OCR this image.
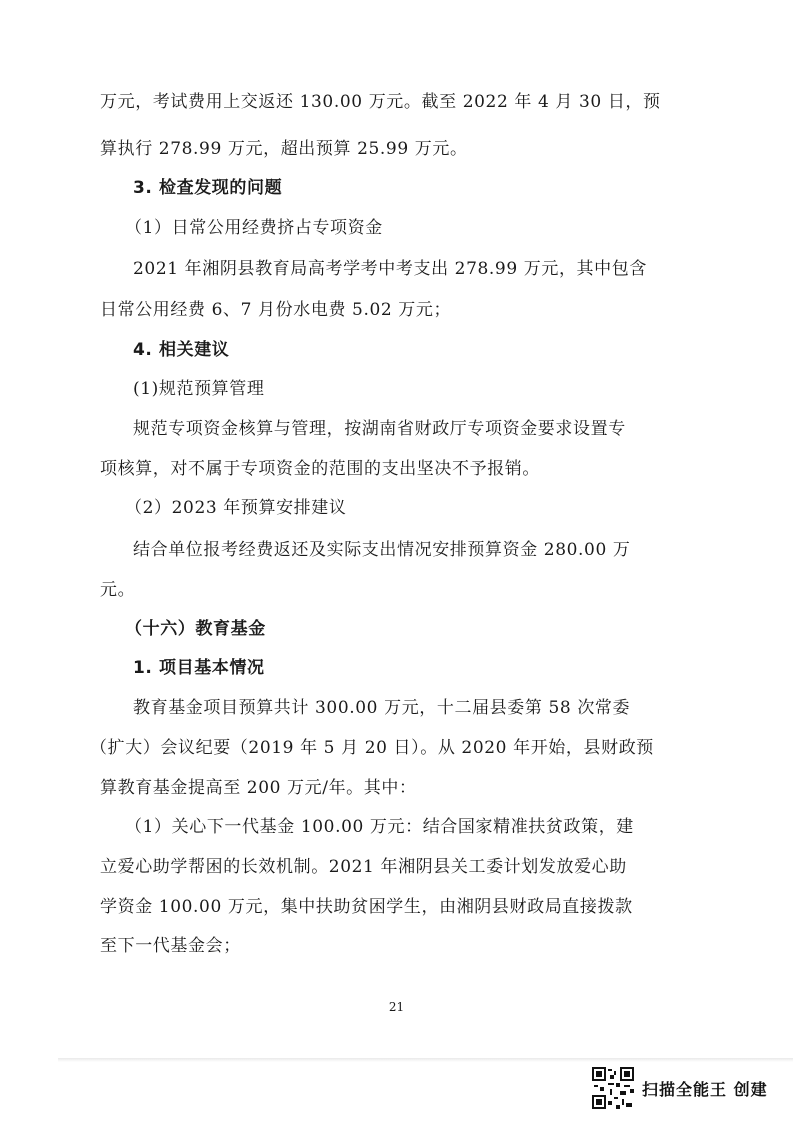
万元，考试费用上交返还 130.00 万元。截至 2022 年 4 月 30 日，预
算执行 278.99 万元，超出预算 25.99 万元。
3. 检查发现的问题
（1）日常公用经费挤占专项资金
2021 年湘阴县教育局高考学考中考支出 278.99 万元，其中包含
日常公用经费 6、7 月份水电费 5.02 万元；
4. 相关建议
(1)规范预算管理
规范专项资金核算与管理，按湖南省财政厅专项资金要求设置专
项核算，对不属于专项资金的范围的支出坚决不予报销。
（2）2023 年预算安排建议
结合单位报考经费返还及实际支出情况安排预算资金 280.00 万
元。
（十六）教育基金
1. 项目基本情况
教育基金项目预算共计 300.00 万元，十二届县委第 58 次常委
（扩大）会议纪要（2019 年 5 月 20 日）。从 2020 年开始，县财政预
算教育基金提高至 200 万元/年。其中：
（1）关心下一代基金 100.00 万元：结合国家精准扶贫政策，建
立爱心助学帮困的长效机制。2021 年湘阴县关工委计划发放爱心助
学资金 100.00 万元，集中扶助贫困学生，由湘阴县财政局直接拨款
至下一代基金会；
21
扫描全能王 创建
